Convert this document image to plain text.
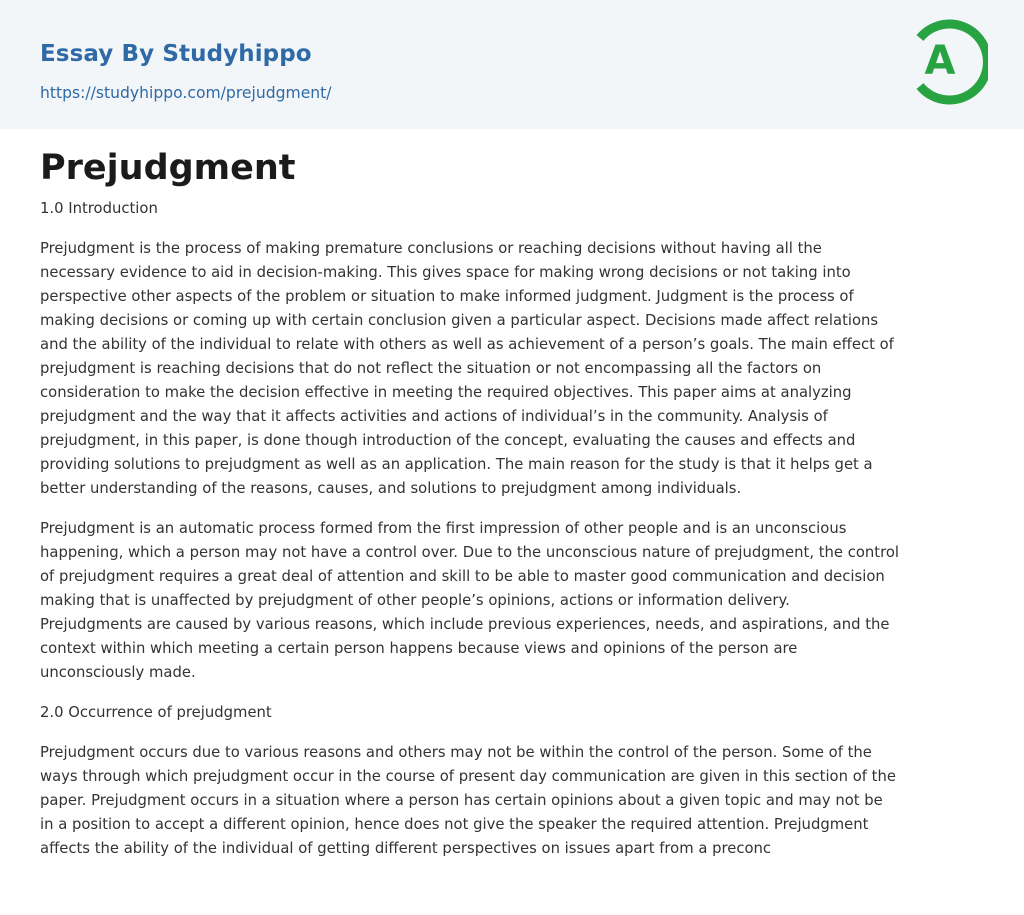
Essay By Studyhippo
https://studyhippo.com/prejudgment/
A
Prejudgment
1.0 Introduction

Prejudgment is the process of making premature conclusions or reaching decisions without having all the
necessary evidence to aid in decision-making. This gives space for making wrong decisions or not taking into
perspective other aspects of the problem or situation to make informed judgment. Judgment is the process of
making decisions or coming up with certain conclusion given a particular aspect. Decisions made affect relations
and the ability of the individual to relate with others as well as achievement of a person’s goals. The main effect of
prejudgment is reaching decisions that do not reflect the situation or not encompassing all the factors on
consideration to make the decision effective in meeting the required objectives. This paper aims at analyzing
prejudgment and the way that it affects activities and actions of individual’s in the community. Analysis of
prejudgment, in this paper, is done though introduction of the concept, evaluating the causes and effects and
providing solutions to prejudgment as well as an application. The main reason for the study is that it helps get a
better understanding of the reasons, causes, and solutions to prejudgment among individuals.

Prejudgment is an automatic process formed from the first impression of other people and is an unconscious
happening, which a person may not have a control over. Due to the unconscious nature of prejudgment, the control
of prejudgment requires a great deal of attention and skill to be able to master good communication and decision
making that is unaffected by prejudgment of other people’s opinions, actions or information delivery.
Prejudgments are caused by various reasons, which include previous experiences, needs, and aspirations, and the
context within which meeting a certain person happens because views and opinions of the person are
unconsciously made.

2.0 Occurrence of prejudgment

Prejudgment occurs due to various reasons and others may not be within the control of the person. Some of the
ways through which prejudgment occur in the course of present day communication are given in this section of the
paper. Prejudgment occurs in a situation where a person has certain opinions about a given topic and may not be
in a position to accept a different opinion, hence does not give the speaker the required attention. Prejudgment
affects the ability of the individual of getting different perspectives on issues apart from a preconc
